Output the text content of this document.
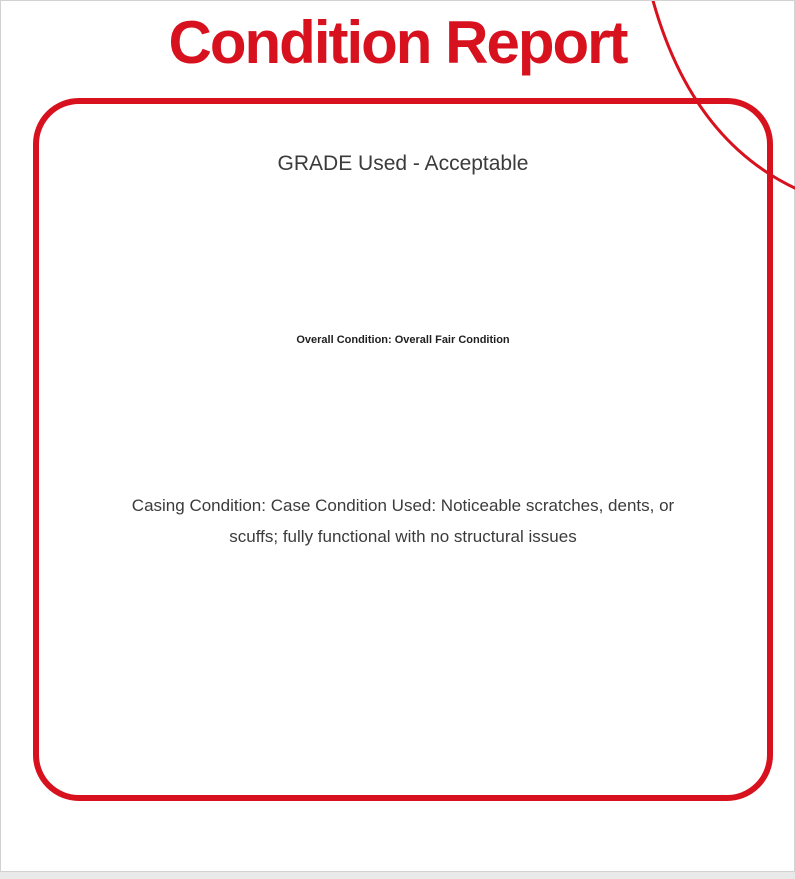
Condition Report
GRADE Used - Acceptable
Overall Condition: Overall Fair Condition
Casing Condition: Case Condition Used: Noticeable scratches, dents, or
scuffs; fully functional with no structural issues
